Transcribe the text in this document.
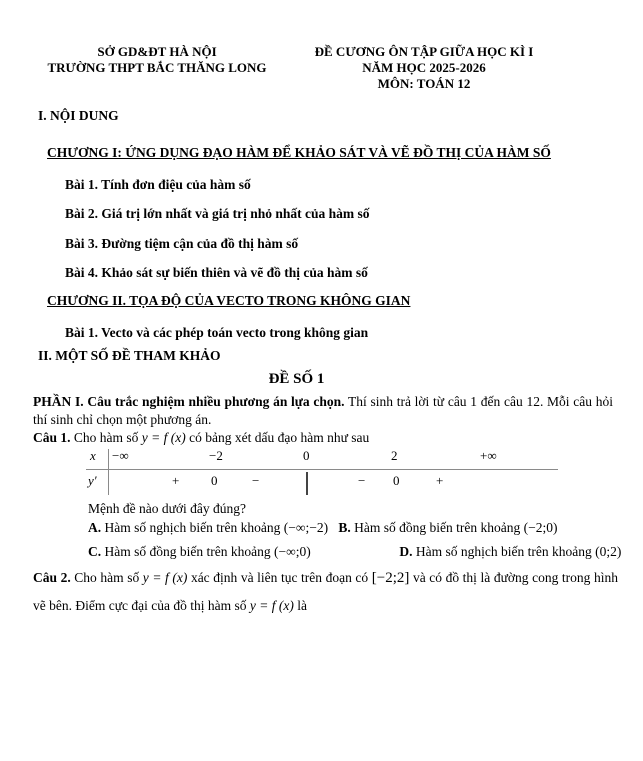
SỞ GD&ĐT HÀ NỘI
TRƯỜNG THPT BẮC THĂNG LONG
ĐỀ CƯƠNG ÔN TẬP GIỮA HỌC KÌ I
NĂM HỌC 2025-2026
MÔN: TOÁN 12
I. NỘI DUNG
CHƯƠNG I: ỨNG DỤNG ĐẠO HÀM ĐỂ KHẢO SÁT VÀ VẼ ĐỒ THỊ CỦA HÀM SỐ
Bài 1. Tính đơn điệu của hàm số
Bài 2. Giá trị lớn nhất và giá trị nhỏ nhất của hàm số
Bài 3. Đường tiệm cận của đồ thị hàm số
Bài 4. Khảo sát sự biến thiên và vẽ đồ thị của hàm số
CHƯƠNG II. TỌA ĐỘ CỦA VECTO TRONG KHÔNG GIAN
Bài 1. Vecto và các phép toán vecto trong không gian
II. MỘT SỐ ĐỀ THAM KHẢO
ĐỀ SỐ 1
PHẦN I. Câu trắc nghiệm nhiều phương án lựa chọn. Thí sinh trả lời từ câu 1 đến câu 12. Mỗi câu hỏi thí sinh chỉ chọn một phương án.
Câu 1. Cho hàm số y = f (x) có bảng xét dấu đạo hàm như sau
x −∞	−2	0	2	+∞
y′	+ 0	−	− 0	+
Mệnh đề nào dưới đây đúng?
A. Hàm số nghịch biến trên khoảng (−∞;−2) B. Hàm số đồng biến trên khoảng (−2;0)
C. Hàm số đồng biến trên khoảng (−∞;0)	D. Hàm số nghịch biến trên khoảng (0;2)
Câu 2. Cho hàm số y = f (x) xác định và liên tục trên đoạn có [−2;2] và có đồ thị là đường cong trong hình vẽ bên. Điểm cực đại của đồ thị hàm số y = f (x) là
